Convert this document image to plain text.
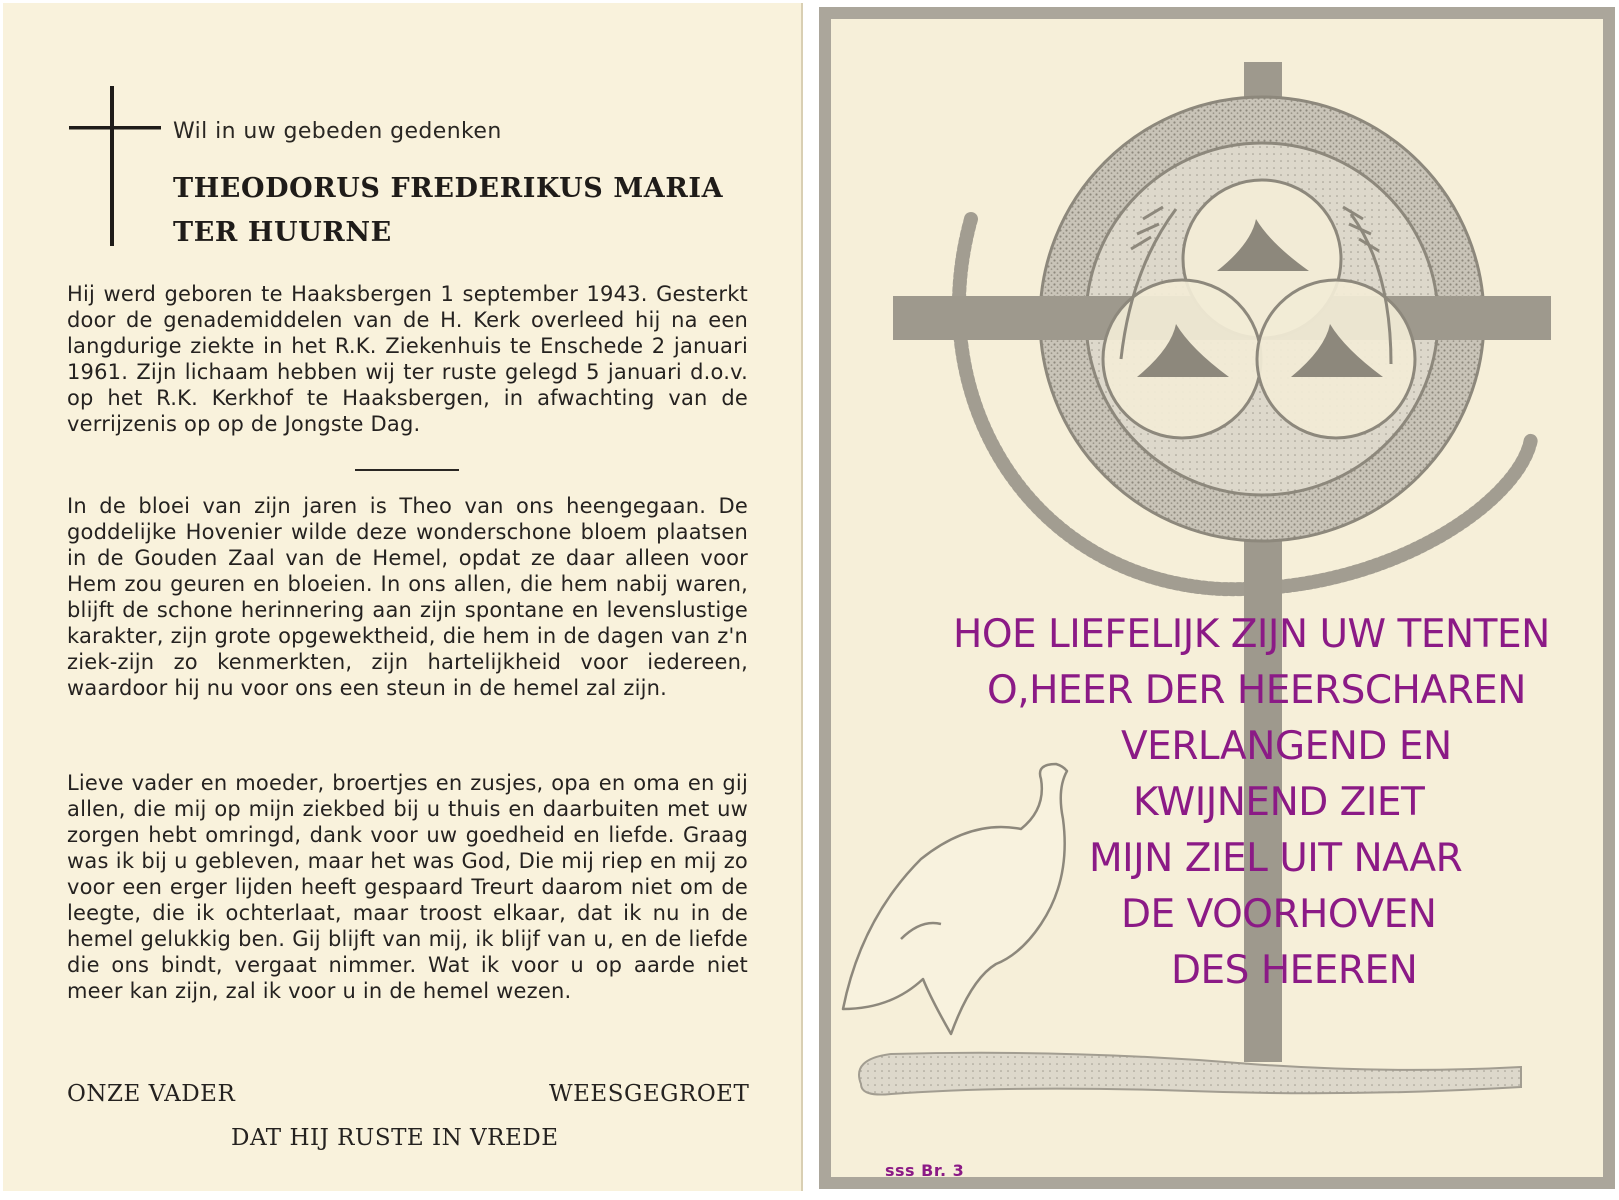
Wil in uw gebeden gedenken
THEODORUS FREDERIKUS MARIA
TER HUURNE
Hij werd geboren te Haaksbergen 1 september 1943. Gesterkt door de genademiddelen van de H. Kerk overleed hij na een langdurige ziekte in het R.K. Ziekenhuis te Enschede 2 januari 1961. Zijn lichaam hebben wij ter ruste gelegd 5 januari d.o.v. op het R.K. Kerkhof te Haaksbergen, in afwachting van de verrijzenis op op de Jongste Dag.
In de bloei van zijn jaren is Theo van ons heengegaan. De goddelijke Hovenier wilde deze wonderschone bloem plaatsen in de Gouden Zaal van de Hemel, opdat ze daar alleen voor Hem zou geuren en bloeien. In ons allen, die hem nabij waren, blijft de schone herinnering aan zijn spontane en levenslustige karakter, zijn grote opgewektheid, die hem in de dagen van z'n ziek-zijn zo kenmerkten, zijn hartelijkheid voor iedereen, waardoor hij nu voor ons een steun in de hemel zal zijn.
Lieve vader en moeder, broertjes en zusjes, opa en oma en gij allen, die mij op mijn ziekbed bij u thuis en daarbuiten met uw zorgen hebt omringd, dank voor uw goedheid en liefde. Graag was ik bij u gebleven, maar het was God, Die mij riep en mij zo voor een erger lijden heeft gespaard Treurt daarom niet om de leegte, die ik ochterlaat, maar troost elkaar, dat ik nu in de hemel gelukkig ben. Gij blijft van mij, ik blijf van u, en de liefde die ons bindt, vergaat nimmer. Wat ik voor u op aarde niet meer kan zijn, zal ik voor u in de hemel wezen.
ONZE VADER	WEESGEGROET
DAT HIJ RUSTE IN VREDE
HOE LIEFELIJK ZIJN UW TENTEN
O,HEER DER HEERSCHAREN
VERLANGEND EN
KWIJNEND ZIET
MIJN ZIEL UIT NAAR
DE VOORHOVEN
DES HEEREN
sss Br. 3
